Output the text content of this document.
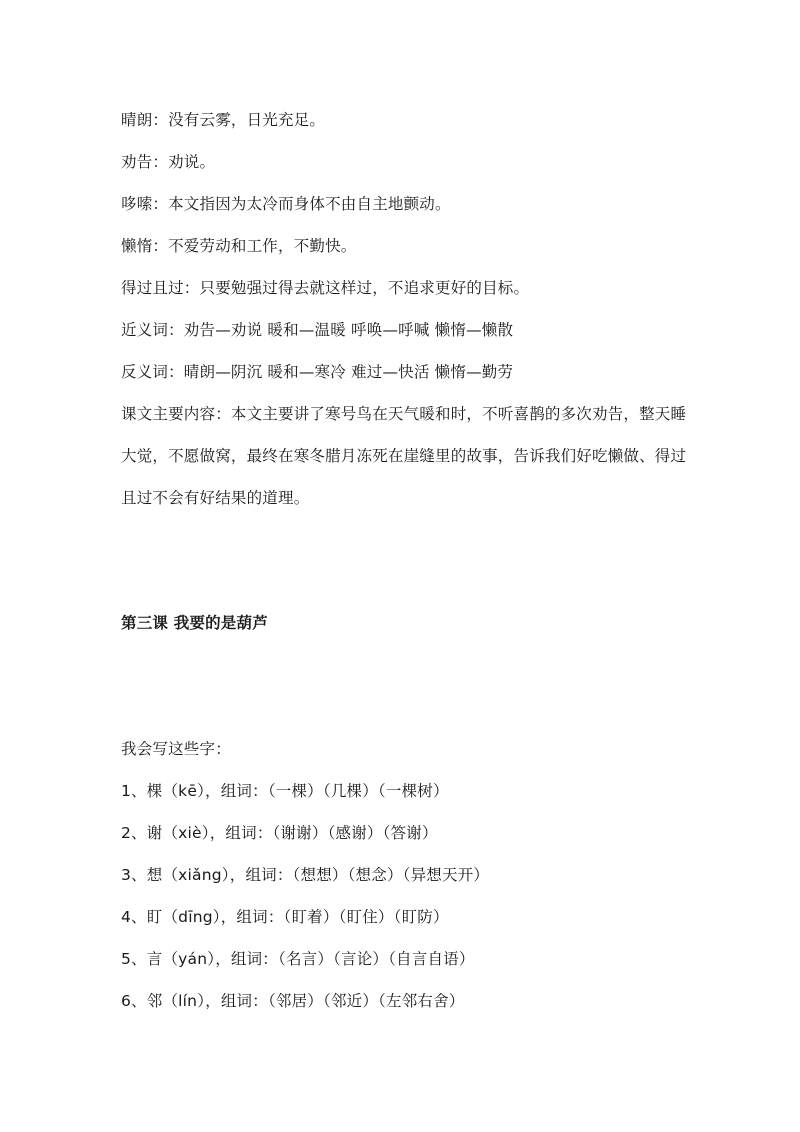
晴朗：没有云雾，日光充足。
劝告：劝说。
哆嗦：本文指因为太冷而身体不由自主地颤动。
懒惰：不爱劳动和工作，不勤快。
得过且过：只要勉强过得去就这样过，不追求更好的目标。
近义词：劝告—劝说 暖和—温暖 呼唤—呼喊 懒惰—懒散
反义词：晴朗—阴沉 暖和—寒冷 难过—快活 懒惰—勤劳
课文主要内容：本文主要讲了寒号鸟在天气暖和时，不听喜鹊的多次劝告，整天睡
大觉，不愿做窝，最终在寒冬腊月冻死在崖缝里的故事，告诉我们好吃懒做、得过
且过不会有好结果的道理。
第三课 我要的是葫芦
我会写这些字：
1、棵（kē），组词：（一棵）（几棵）（一棵树）
2、谢（xiè），组词：（谢谢）（感谢）（答谢）
3、想（xiǎng），组词：（想想）（想念）（异想天开）
4、盯（dīng），组词：（盯着）（盯住）（盯防）
5、言（yán），组词：（名言）（言论）（自言自语）
6、邻（lín），组词：（邻居）（邻近）（左邻右舍）
